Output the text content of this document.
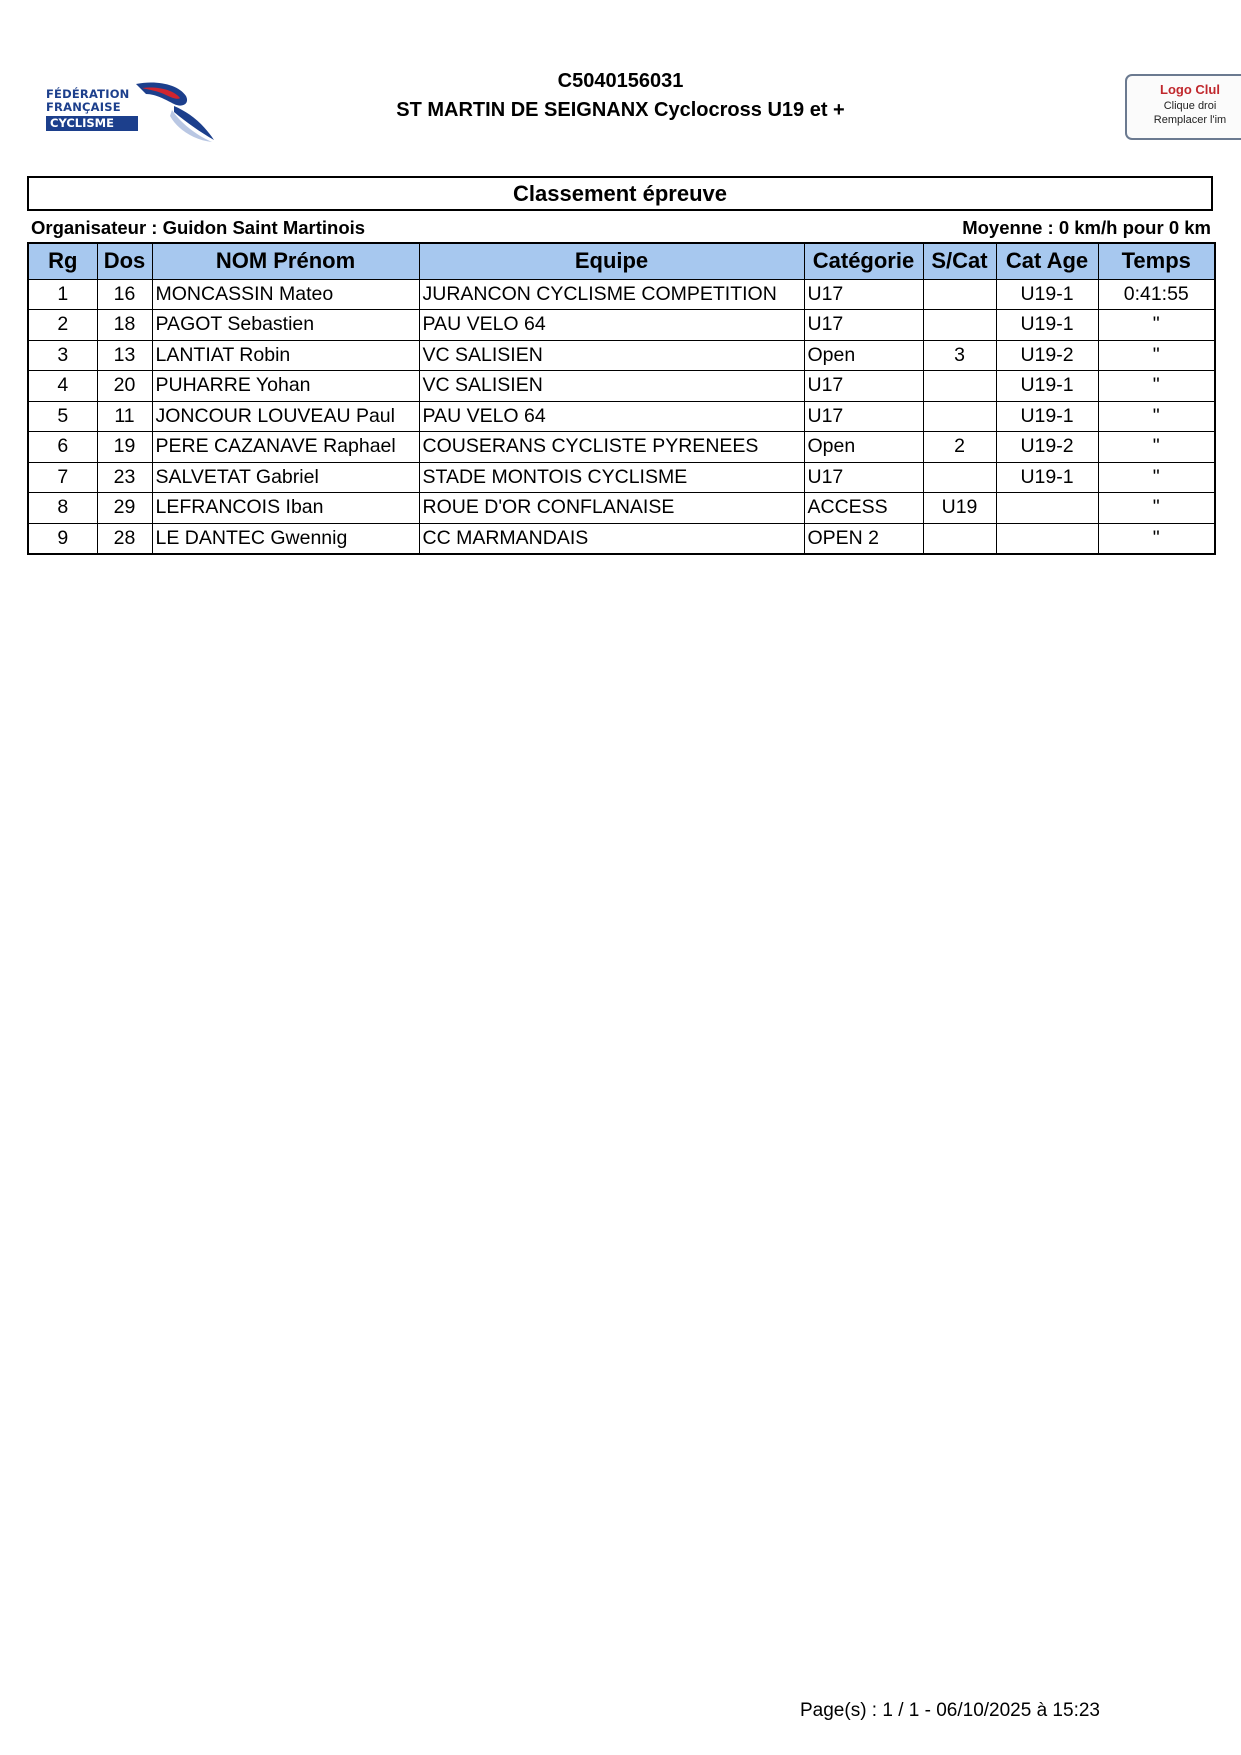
FÉDÉRATION
FRANÇAISE
CYCLISME
C5040156031
ST MARTIN DE SEIGNANX Cyclocross U19 et +
Logo Clul
Clique droi
Remplacer l'im
Classement épreuve
Organisateur : Guidon Saint Martinois	Moyenne : 0 km/h pour 0 km
Rg	Dos	NOM Prénom	Equipe	Catégorie	S/Cat	Cat Age	Temps
1	16	MONCASSIN Mateo	JURANCON CYCLISME COMPETITION	U17		U19-1	0:41:55
2	18	PAGOT Sebastien	PAU VELO 64	U17		U19-1	"
3	13	LANTIAT Robin	VC SALISIEN	Open	3	U19-2	"
4	20	PUHARRE Yohan	VC SALISIEN	U17		U19-1	"
5	11	JONCOUR LOUVEAU Paul	PAU VELO 64	U17		U19-1	"
6	19	PERE CAZANAVE Raphael	COUSERANS CYCLISTE PYRENEES	Open	2	U19-2	"
7	23	SALVETAT Gabriel	STADE MONTOIS CYCLISME	U17		U19-1	"
8	29	LEFRANCOIS Iban	ROUE D'OR CONFLANAISE	ACCESS	U19		"
9	28	LE DANTEC Gwennig	CC MARMANDAIS	OPEN 2			"
Page(s) : 1 / 1 - 06/10/2025 à 15:23
